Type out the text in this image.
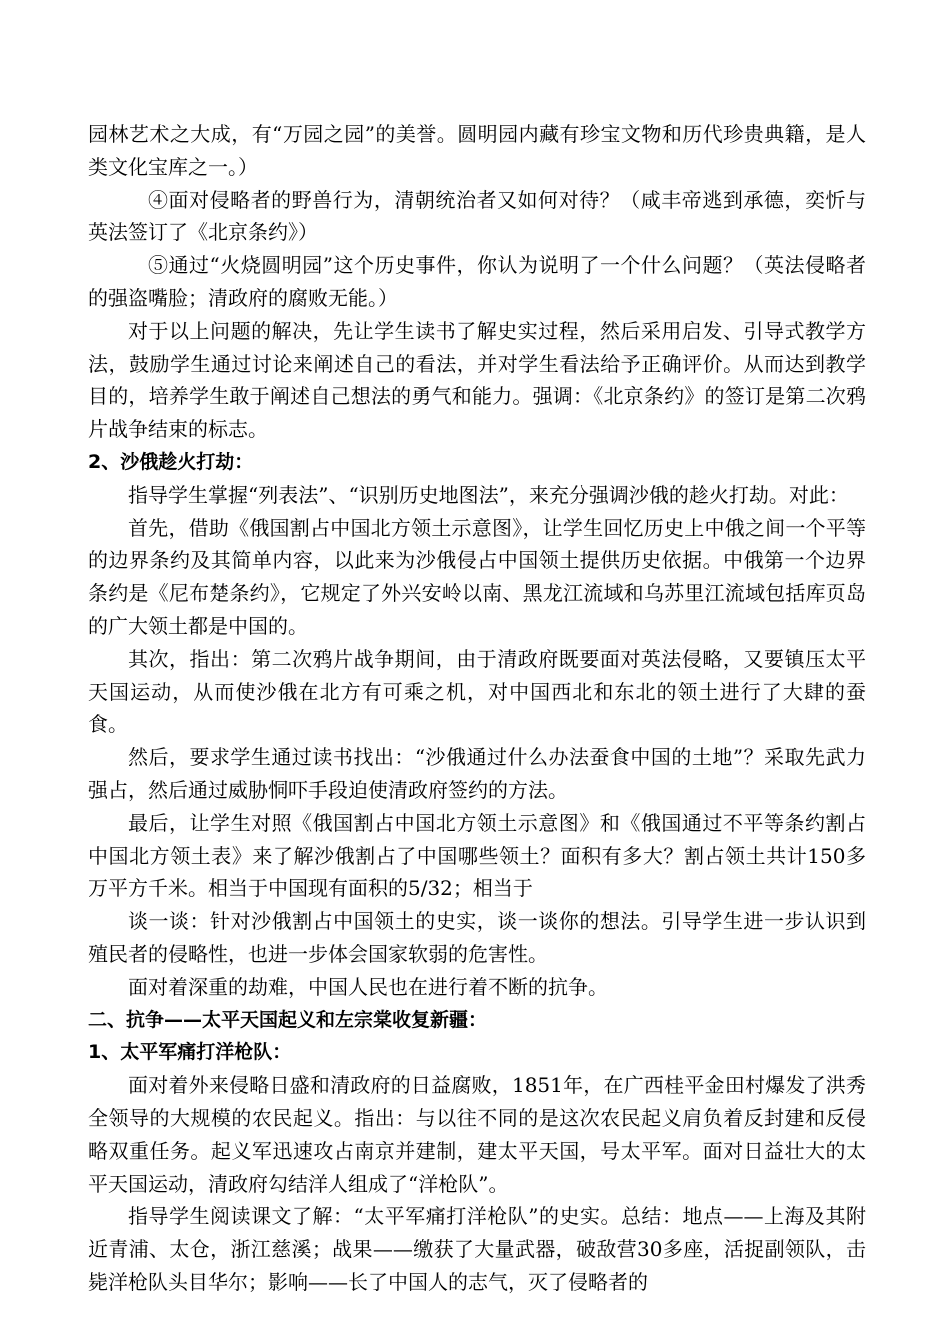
园林艺术之大成，有“万园之园”的美誉。圆明园内藏有珍宝文物和历代珍贵典籍，是人类文化宝库之一。）

④面对侵略者的野兽行为，清朝统治者又如何对待？（咸丰帝逃到承德，奕忻与英法签订了《北京条约》）

⑤通过“火烧圆明园”这个历史事件，你认为说明了一个什么问题？（英法侵略者的强盗嘴脸；清政府的腐败无能。）

对于以上问题的解决，先让学生读书了解史实过程，然后采用启发、引导式教学方法，鼓励学生通过讨论来阐述自己的看法，并对学生看法给予正确评价。从而达到教学目的，培养学生敢于阐述自己想法的勇气和能力。强调：《北京条约》的签订是第二次鸦片战争结束的标志。

2、沙俄趁火打劫：

指导学生掌握“列表法”、“识别历史地图法”，来充分强调沙俄的趁火打劫。对此：

首先，借助《俄国割占中国北方领土示意图》，让学生回忆历史上中俄之间一个平等的边界条约及其简单内容，以此来为沙俄侵占中国领土提供历史依据。中俄第一个边界条约是《尼布楚条约》，它规定了外兴安岭以南、黑龙江流域和乌苏里江流域包括库页岛的广大领土都是中国的。

其次，指出：第二次鸦片战争期间，由于清政府既要面对英法侵略，又要镇压太平天国运动，从而使沙俄在北方有可乘之机，对中国西北和东北的领土进行了大肆的蚕食。

然后，要求学生通过读书找出：“沙俄通过什么办法蚕食中国的土地”？采取先武力强占，然后通过威胁恫吓手段迫使清政府签约的方法。

最后，让学生对照《俄国割占中国北方领土示意图》和《俄国通过不平等条约割占中国北方领土表》来了解沙俄割占了中国哪些领土？面积有多大？割占领土共计150多万平方千米。相当于中国现有面积的5/32；相当于

谈一谈：针对沙俄割占中国领土的史实，谈一谈你的想法。引导学生进一步认识到殖民者的侵略性，也进一步体会国家软弱的危害性。

面对着深重的劫难，中国人民也在进行着不断的抗争。

二、抗争——太平天国起义和左宗棠收复新疆：

1、太平军痛打洋枪队：

面对着外来侵略日盛和清政府的日益腐败，1851年，在广西桂平金田村爆发了洪秀全领导的大规模的农民起义。指出：与以往不同的是这次农民起义肩负着反封建和反侵略双重任务。起义军迅速攻占南京并建制，建太平天国，号太平军。面对日益壮大的太平天国运动，清政府勾结洋人组成了“洋枪队”。

指导学生阅读课文了解：“太平军痛打洋枪队”的史实。总结：地点——上海及其附近青浦、太仓，浙江慈溪；战果——缴获了大量武器，破敌营30多座，活捉副领队，击毙洋枪队头目华尔；影响——长了中国人的志气，灭了侵略者的
